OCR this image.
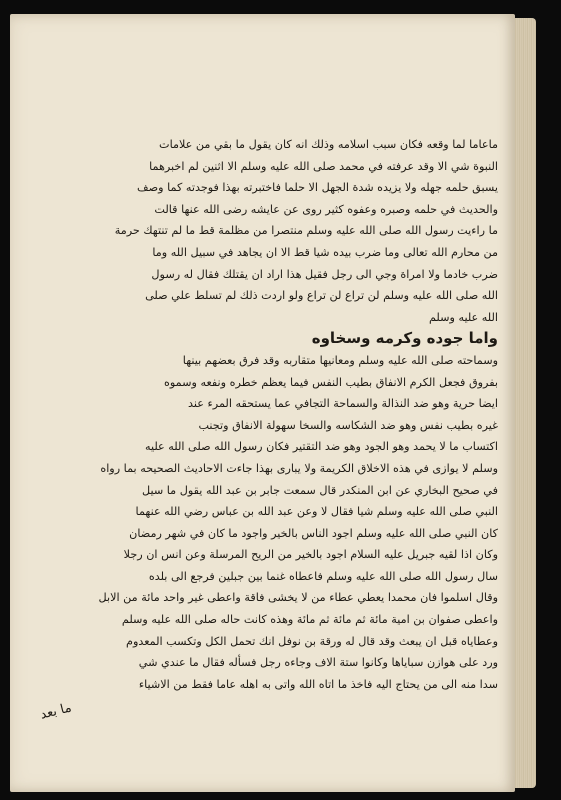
ماعاما لما وقعه فكان سبب اسلامه وذلك انه كان يقول ما بقي من علامات
النبوة شي الا وقد عرفته في محمد صلى الله عليه وسلم الا اثنين لم اخبرهما
يسبق حلمه جهله ولا يزيده شدة الجهل الا حلما فاختبرته بهذا فوجدته كما وصف
والحديث في حلمه وصبره وعفوه كثير روى عن عايشه رضى الله عنها قالت
ما راءيت رسول الله صلى الله عليه وسلم منتصرا من مظلمة قط ما لم تنتهك حرمة
من محارم الله تعالى وما ضرب بيده شيا قط الا ان يجاهد في سبيل الله وما
ضرب خادما ولا امراة وجي الى رجل فقيل هذا اراد ان يقتلك فقال له رسول
الله صلى الله عليه وسلم لن تراع لن تراع ولو اردت ذلك لم تسلط علي صلى
الله عليه وسلم
واما جوده وكرمه وسخاوه
وسماحته صلى الله عليه وسلم ومعانيها متقاربه وقد فرق بعضهم بينها
بفروق فجعل الكرم الانفاق بطيب النفس فيما يعظم خطره ونفعه وسموه
ايضا حرية وهو ضد النذالة والسماحة التجافي عما يستحقه المرء عند
غيره بطيب نفس وهو ضد الشكاسه والسخا سهولة الانفاق وتجنب
اكتساب ما لا يحمد وهو الجود وهو ضد التقتير فكان رسول الله صلى الله عليه
وسلم لا يوازى في هذه الاخلاق الكريمة ولا يبارى بهذا جاءت الاحاديث الصحيحه بما رواه
في صحيح البخاري عن ابن المنكدر قال سمعت جابر بن عبد الله يقول ما سيل
النبي صلى الله عليه وسلم شيا فقال لا وعن عبد الله بن عباس رضي الله عنهما
كان النبي صلى الله عليه وسلم اجود الناس بالخير واجود ما كان في شهر رمضان
وكان اذا لقيه جبريل عليه السلام اجود بالخير من الريح المرسلة وعن انس ان رجلا
سال رسول الله صلى الله عليه وسلم فاعطاه غنما بين جبلين فرجع الى بلده
وقال اسلموا فان محمدا يعطي عطاء من لا يخشى فاقة واعطى غير واحد مائة من الابل
واعطى صفوان بن امية مائة ثم مائة ثم مائة وهذه كانت حاله صلى الله عليه وسلم
وعطاياه قبل ان يبعث وقد قال له ورقة بن نوفل انك تحمل الكل وتكسب المعدوم
ورد على هوازن سباياها وكانوا ستة الاف وجاءه رجل فسأله فقال ما عندي شي
سدا منه الى من يحتاج اليه فاخذ ما اتاه الله واتى به اهله عاما فقط من الاشياء
ما بعد
